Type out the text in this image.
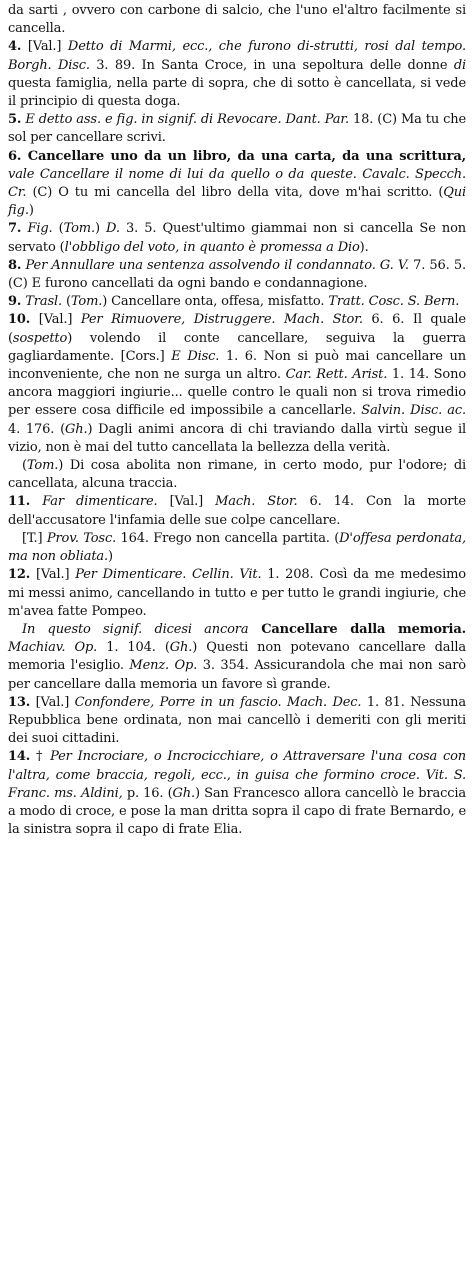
da sarti , ovvero con carbone di salcio, che l'uno el'altro facilmente si cancella.

4. [Val.] Detto di Marmi, ecc., che furono di-strutti, rosi dal tempo. Borgh. Disc. 3. 89. In Santa Croce, in una sepoltura delle donne di questa famiglia, nella parte di sopra, che di sotto è cancellata, si vede il principio di questa doga.

5. E detto ass. e fig. in signif. di Revocare. Dant. Par. 18. (C) Ma tu che sol per cancellare scrivi.

6. Cancellare uno da un libro, da una carta, da una scrittura, vale Cancellare il nome di lui da quello o da queste. Cavalc. Specch. Cr. (C) O tu mi cancella del libro della vita, dove m'hai scritto. (Qui fig.)

7. Fig. (Tom.) D. 3. 5. Quest'ultimo giammai non si cancella Se non servato (l'obbligo del voto, in quanto è promessa a Dio).

8. Per Annullare una sentenza assolvendo il condannato. G. V. 7. 56. 5. (C) E furono cancellati da ogni bando e condannagione.

9. Trasl. (Tom.) Cancellare onta, offesa, misfatto. Tratt. Cosc. S. Bern.

10. [Val.] Per Rimuovere, Distruggere. Mach. Stor. 6. 6. Il quale (sospetto) volendo il conte cancellare, seguiva la guerra gagliardamente. [Cors.] E Disc. 1. 6. Non si può mai cancellare un inconveniente, che non ne surga un altro. Car. Rett. Arist. 1. 14. Sono ancora maggiori ingiurie... quelle contro le quali non si trova rimedio per essere cosa difficile ed impossibile a cancellarle. Salvin. Disc. ac. 4. 176. (Gh.) Dagli animi ancora di chi traviando dalla virtù segue il vizio, non è mai del tutto cancellata la bellezza della verità.

(Tom.) Di cosa abolita non rimane, in certo modo, pur l'odore; di cancellata, alcuna traccia.

11. Far dimenticare. [Val.] Mach. Stor. 6. 14. Con la morte dell'accusatore l'infamia delle sue colpe cancellare.

[T.] Prov. Tosc. 164. Frego non cancella partita. (D'offesa perdonata, ma non obliata.)

12. [Val.] Per Dimenticare. Cellin. Vit. 1. 208. Così da me medesimo mi messi animo, cancellando in tutto e per tutto le grandi ingiurie, che m'avea fatte Pompeo.

In questo signif. dicesi ancora Cancellare dalla memoria. Machiav. Op. 1. 104. (Gh.) Questi non potevano cancellare dalla memoria l'esiglio. Menz. Op. 3. 354. Assicurandola che mai non sarò per cancellare dalla memoria un favore sì grande.

13. [Val.] Confondere, Porre in un fascio. Mach. Dec. 1. 81. Nessuna Repubblica bene ordinata, non mai cancellò i demeriti con gli meriti dei suoi cittadini.

14. † Per Incrociare, o Incrocicchiare, o Attraversare l'una cosa con l'altra, come braccia, regoli, ecc., in guisa che formino croce. Vit. S. Franc. ms. Aldini, p. 16. (Gh.) San Francesco allora cancellò le braccia a modo di croce, e pose la man dritta sopra il capo di frate Bernardo, e la sinistra sopra il capo di frate Elia.
